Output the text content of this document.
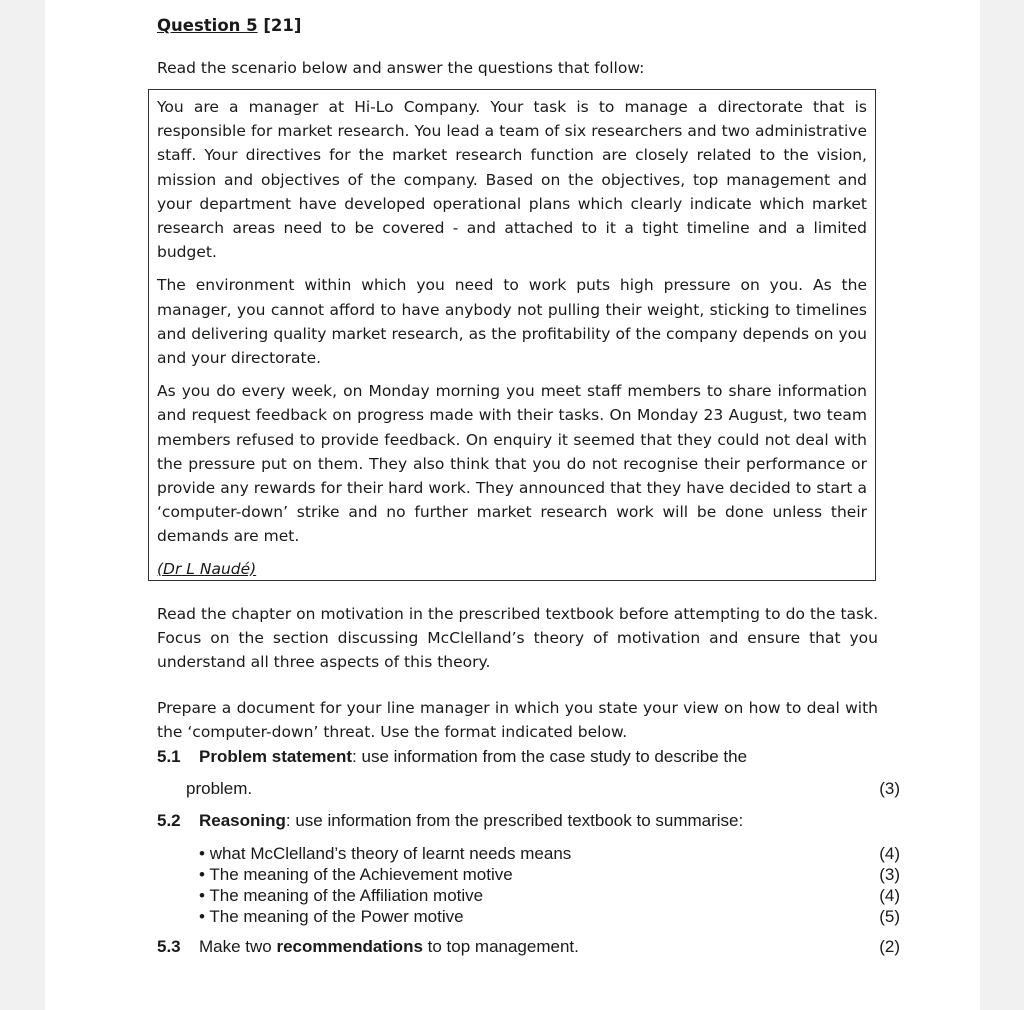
Question 5 [21]

Read the scenario below and answer the questions that follow:

You are a manager at Hi-Lo Company. Your task is to manage a directorate that is responsible for market research. You lead a team of six researchers and two administrative staff. Your directives for the market research function are closely related to the vision, mission and objectives of the company. Based on the objectives, top management and your department have developed operational plans which clearly indicate which market research areas need to be covered - and attached to it a tight timeline and a limited budget.

The environment within which you need to work puts high pressure on you. As the manager, you cannot afford to have anybody not pulling their weight, sticking to timelines and delivering quality market research, as the profitability of the company depends on you and your directorate.

As you do every week, on Monday morning you meet staff members to share information and request feedback on progress made with their tasks. On Monday 23 August, two team members refused to provide feedback. On enquiry it seemed that they could not deal with the pressure put on them. They also think that you do not recognise their performance or provide any rewards for their hard work. They announced that they have decided to start a ‘computer-down’ strike and no further market research work will be done unless their demands are met.

(Dr L Naudé)

Read the chapter on motivation in the prescribed textbook before attempting to do the task. Focus on the section discussing McClelland’s theory of motivation and ensure that you understand all three aspects of this theory.

Prepare a document for your line manager in which you state your view on how to deal with the ‘computer-down’ threat. Use the format indicated below.

5.1 Problem statement: use information from the case study to describe the
problem.	(3)
5.2 Reasoning: use information from the prescribed textbook to summarise:
• what McClelland’s theory of learnt needs means	(4)
• The meaning of the Achievement motive	(3)
• The meaning of the Affiliation motive	(4)
• The meaning of the Power motive	(5)
5.3 Make two recommendations to top management.	(2)
